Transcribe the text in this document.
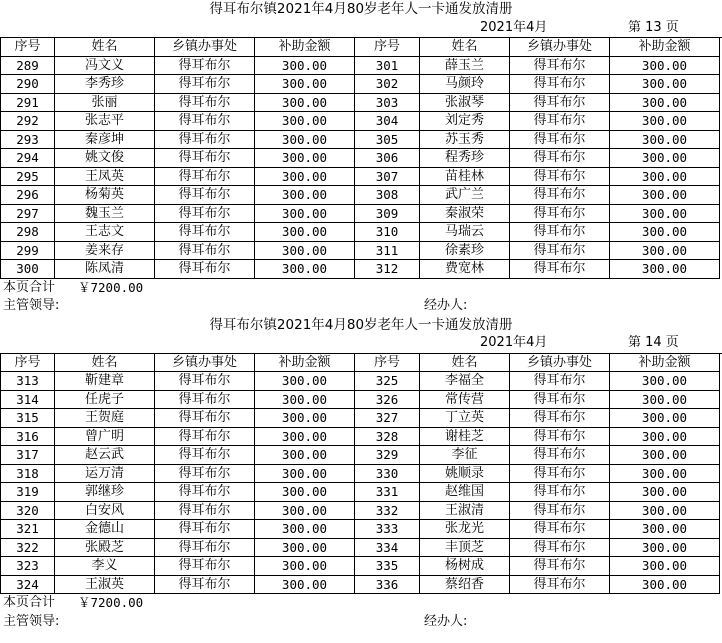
得耳布尔镇2021年4月80岁老年人一卡通发放清册
2021年4月	第 13 页
序号	姓名	乡镇办事处	补助金额	序号	姓名	乡镇办事处	补助金额
289	冯文义	得耳布尔	300.00	301	薛玉兰	得耳布尔	300.00
290	李秀珍	得耳布尔	300.00	302	马颜玲	得耳布尔	300.00
291	张丽	得耳布尔	300.00	303	张淑琴	得耳布尔	300.00
292	张志平	得耳布尔	300.00	304	刘定秀	得耳布尔	300.00
293	秦彦坤	得耳布尔	300.00	305	苏玉秀	得耳布尔	300.00
294	姚文俊	得耳布尔	300.00	306	程秀珍	得耳布尔	300.00
295	王凤英	得耳布尔	300.00	307	苗桂林	得耳布尔	300.00
296	杨菊英	得耳布尔	300.00	308	武广兰	得耳布尔	300.00
297	魏玉兰	得耳布尔	300.00	309	秦淑荣	得耳布尔	300.00
298	王志文	得耳布尔	300.00	310	马瑞云	得耳布尔	300.00
299	姜来存	得耳布尔	300.00	311	徐素珍	得耳布尔	300.00
300	陈凤清	得耳布尔	300.00	312	费宽林	得耳布尔	300.00
本页合计 ￥7200.00
主管领导:	经办人:
得耳布尔镇2021年4月80岁老年人一卡通发放清册
2021年4月	第 14 页
序号	姓名	乡镇办事处	补助金额	序号	姓名	乡镇办事处	补助金额
313	靳建章	得耳布尔	300.00	325	李福全	得耳布尔	300.00
314	任虎子	得耳布尔	300.00	326	常传营	得耳布尔	300.00
315	王贺庭	得耳布尔	300.00	327	丁立英	得耳布尔	300.00
316	曾广明	得耳布尔	300.00	328	谢桂芝	得耳布尔	300.00
317	赵云武	得耳布尔	300.00	329	李征	得耳布尔	300.00
318	运万清	得耳布尔	300.00	330	姚顺录	得耳布尔	300.00
319	郭继珍	得耳布尔	300.00	331	赵维国	得耳布尔	300.00
320	白安风	得耳布尔	300.00	332	王淑清	得耳布尔	300.00
321	金德山	得耳布尔	300.00	333	张龙光	得耳布尔	300.00
322	张殿芝	得耳布尔	300.00	334	丰顶芝	得耳布尔	300.00
323	李义	得耳布尔	300.00	335	杨树成	得耳布尔	300.00
324	王淑英	得耳布尔	300.00	336	蔡绍香	得耳布尔	300.00
本页合计 ￥7200.00
主管领导:	经办人:
